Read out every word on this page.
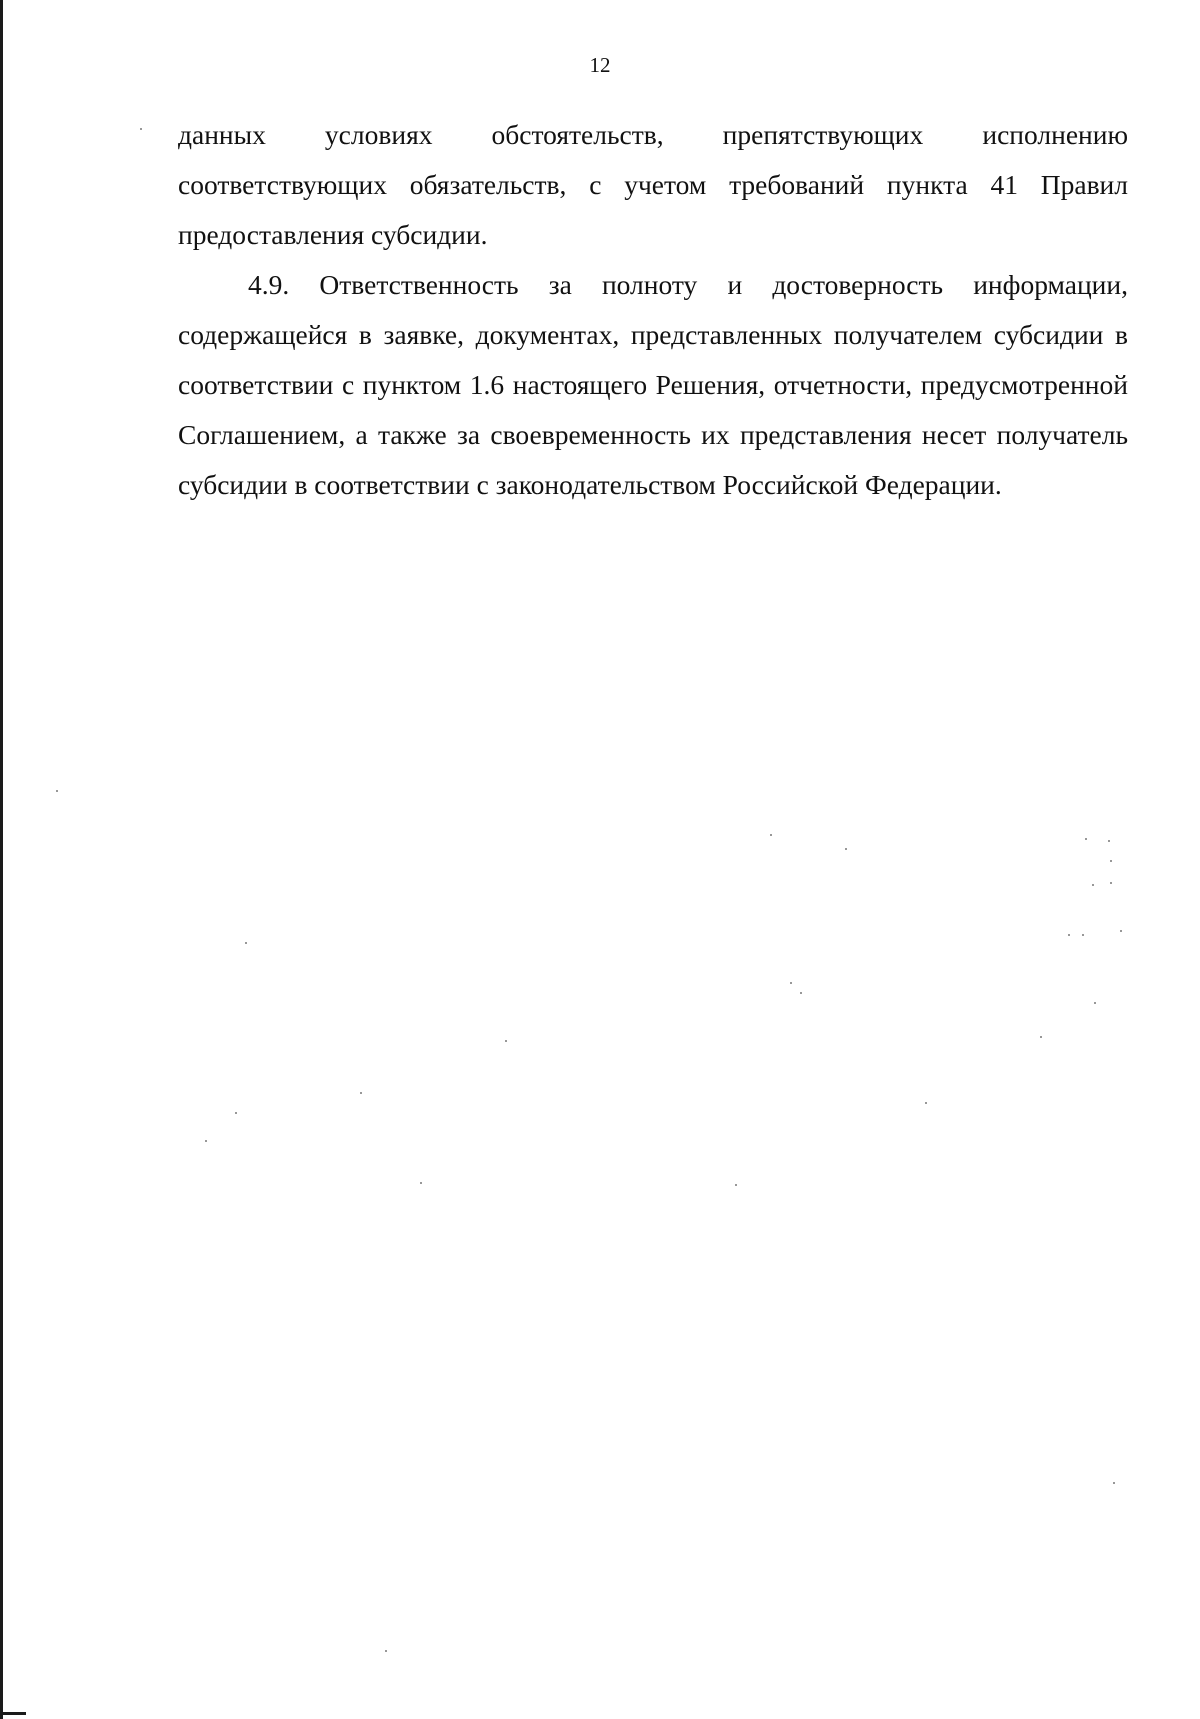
12

данных условиях обстоятельств, препятствующих исполнению соответствующих обязательств, с учетом требований пункта 41 Правил предоставления субсидии.

4.9. Ответственность за полноту и достоверность информации, содержащейся в заявке, документах, представленных получателем субсидии в соответствии с пунктом 1.6 настоящего Решения, отчетности, предусмотренной Соглашением, а также за своевременность их представления несет получатель субсидии в соответствии с законодательством Российской Федерации.
